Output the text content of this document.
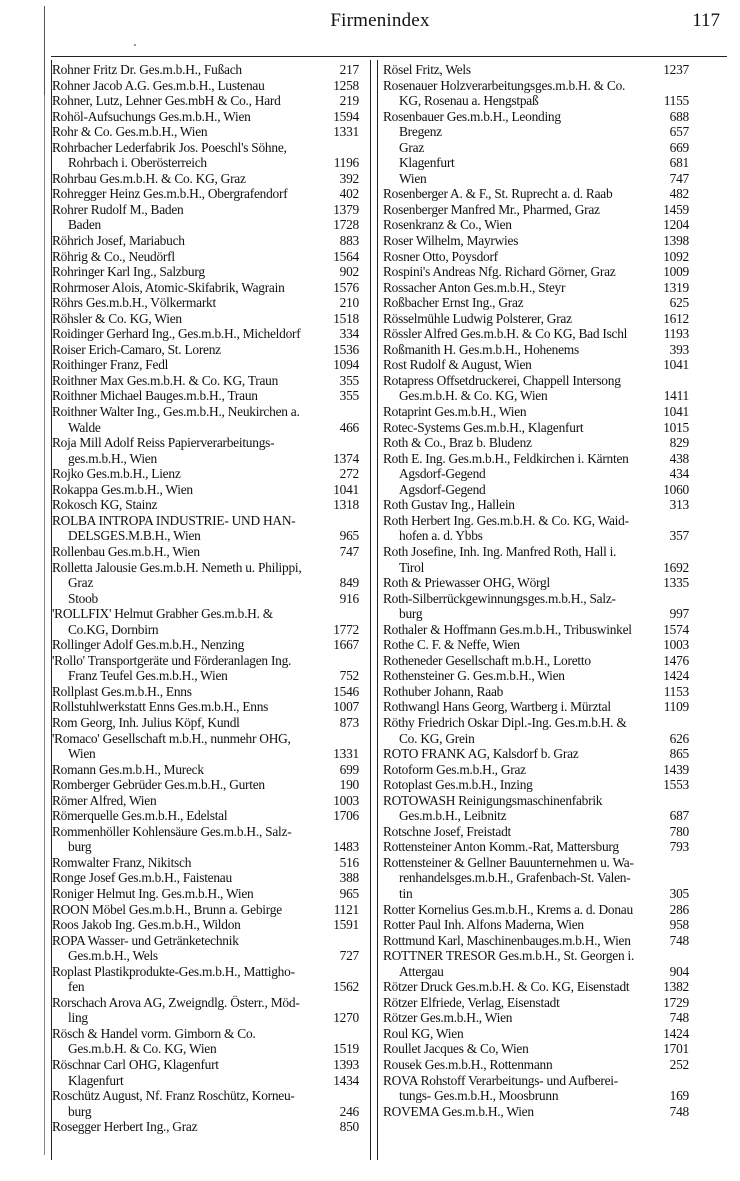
Firmenindex	117
Rohner Fritz Dr. Ges.m.b.H., Fußach	217
Rohner Jacob A.G. Ges.m.b.H., Lustenau	1258
Rohner, Lutz, Lehner Ges.mbH & Co., Hard	219
Rohöl-Aufsuchungs Ges.m.b.H., Wien	1594
Rohr & Co. Ges.m.b.H., Wien	1331
Rohrbacher Lederfabrik Jos. Poeschl's Söhne,
Rohrbach i. Oberösterreich	1196
Rohrbau Ges.m.b.H. & Co. KG, Graz	392
Rohregger Heinz Ges.m.b.H., Obergrafendorf	402
Rohrer Rudolf M., Baden	1379
Baden	1728
Röhrich Josef, Mariabuch	883
Röhrig & Co., Neudörfl	1564
Rohringer Karl Ing., Salzburg	902
Rohrmoser Alois, Atomic-Skifabrik, Wagrain	1576
Röhrs Ges.m.b.H., Völkermarkt	210
Röhsler & Co. KG, Wien	1518
Roidinger Gerhard Ing., Ges.m.b.H., Micheldorf	334
Roiser Erich-Camaro, St. Lorenz	1536
Roithinger Franz, Fedl	1094
Roithner Max Ges.m.b.H. & Co. KG, Traun	355
Roithner Michael Bauges.m.b.H., Traun	355
Roithner Walter Ing., Ges.m.b.H., Neukirchen a.
Walde	466
Roja Mill Adolf Reiss Papierverarbeitungs-
ges.m.b.H., Wien	1374
Rojko Ges.m.b.H., Lienz	272
Rokappa Ges.m.b.H., Wien	1041
Rokosch KG, Stainz	1318
ROLBA INTROPA INDUSTRIE- UND HAN-
DELSGES.M.B.H., Wien	965
Rollenbau Ges.m.b.H., Wien	747
Rolletta Jalousie Ges.m.b.H. Nemeth u. Philippi,
Graz	849
Stoob	916
'ROLLFIX' Helmut Grabher Ges.m.b.H. &
Co.KG, Dornbirn	1772
Rollinger Adolf Ges.m.b.H., Nenzing	1667
'Rollo' Transportgeräte und Förderanlagen Ing.
Franz Teufel Ges.m.b.H., Wien	752
Rollplast Ges.m.b.H., Enns	1546
Rollstuhlwerkstatt Enns Ges.m.b.H., Enns	1007
Rom Georg, Inh. Julius Köpf, Kundl	873
'Romaco' Gesellschaft m.b.H., nunmehr OHG,
Wien	1331
Romann Ges.m.b.H., Mureck	699
Romberger Gebrüder Ges.m.b.H., Gurten	190
Römer Alfred, Wien	1003
Römerquelle Ges.m.b.H., Edelstal	1706
Rommenhöller Kohlensäure Ges.m.b.H., Salz-
burg	1483
Romwalter Franz, Nikitsch	516
Ronge Josef Ges.m.b.H., Faistenau	388
Roniger Helmut Ing. Ges.m.b.H., Wien	965
ROON Möbel Ges.m.b.H., Brunn a. Gebirge	1121
Roos Jakob Ing. Ges.m.b.H., Wildon	1591
ROPA Wasser- und Getränketechnik
Ges.m.b.H., Wels	727
Roplast Plastikprodukte-Ges.m.b.H., Mattigho-
fen	1562
Rorschach Arova AG, Zweigndlg. Österr., Möd-
ling	1270
Rösch & Handel vorm. Gimborn & Co.
Ges.m.b.H. & Co. KG, Wien	1519
Röschnar Carl OHG, Klagenfurt	1393
Klagenfurt	1434
Roschütz August, Nf. Franz Roschütz, Korneu-
burg	246
Rosegger Herbert Ing., Graz	850
Rösel Fritz, Wels	1237
Rosenauer Holzverarbeitungsges.m.b.H. & Co.
KG, Rosenau a. Hengstpaß	1155
Rosenbauer Ges.m.b.H., Leonding	688
Bregenz	657
Graz	669
Klagenfurt	681
Wien	747
Rosenberger A. & F., St. Ruprecht a. d. Raab	482
Rosenberger Manfred Mr., Pharmed, Graz	1459
Rosenkranz & Co., Wien	1204
Roser Wilhelm, Mayrwies	1398
Rosner Otto, Poysdorf	1092
Rospini's Andreas Nfg. Richard Görner, Graz	1009
Rossacher Anton Ges.m.b.H., Steyr	1319
Roßbacher Ernst Ing., Graz	625
Rösselmühle Ludwig Polsterer, Graz	1612
Rössler Alfred Ges.m.b.H. & Co KG, Bad Ischl	1193
Roßmanith H. Ges.m.b.H., Hohenems	393
Rost Rudolf & August, Wien	1041
Rotapress Offsetdruckerei, Chappell Intersong
Ges.m.b.H. & Co. KG, Wien	1411
Rotaprint Ges.m.b.H., Wien	1041
Rotec-Systems Ges.m.b.H., Klagenfurt	1015
Roth & Co., Braz b. Bludenz	829
Roth E. Ing. Ges.m.b.H., Feldkirchen i. Kärnten	438
Agsdorf-Gegend	434
Agsdorf-Gegend	1060
Roth Gustav Ing., Hallein	313
Roth Herbert Ing. Ges.m.b.H. & Co. KG, Waid-
hofen a. d. Ybbs	357
Roth Josefine, Inh. Ing. Manfred Roth, Hall i.
Tirol	1692
Roth & Priewasser OHG, Wörgl	1335
Roth-Silberrückgewinnungsges.m.b.H., Salz-
burg	997
Rothaler & Hoffmann Ges.m.b.H., Tribuswinkel	1574
Rothe C. F. & Neffe, Wien	1003
Rotheneder Gesellschaft m.b.H., Loretto	1476
Rothensteiner G. Ges.m.b.H., Wien	1424
Rothuber Johann, Raab	1153
Rothwangl Hans Georg, Wartberg i. Mürztal	1109
Röthy Friedrich Oskar Dipl.-Ing. Ges.m.b.H. &
Co. KG, Grein	626
ROTO FRANK AG, Kalsdorf b. Graz	865
Rotoform Ges.m.b.H., Graz	1439
Rotoplast Ges.m.b.H., Inzing	1553
ROTOWASH Reinigungsmaschinenfabrik
Ges.m.b.H., Leibnitz	687
Rotschne Josef, Freistadt	780
Rottensteiner Anton Komm.-Rat, Mattersburg	793
Rottensteiner & Gellner Bauunternehmen u. Wa-
renhandelsges.m.b.H., Grafenbach-St. Valen-
tin	305
Rotter Kornelius Ges.m.b.H., Krems a. d. Donau	286
Rotter Paul Inh. Alfons Maderna, Wien	958
Rottmund Karl, Maschinenbauges.m.b.H., Wien	748
ROTTNER TRESOR Ges.m.b.H., St. Georgen i.
Attergau	904
Rötzer Druck Ges.m.b.H. & Co. KG, Eisenstadt	1382
Rötzer Elfriede, Verlag, Eisenstadt	1729
Rötzer Ges.m.b.H., Wien	748
Roul KG, Wien	1424
Roullet Jacques & Co, Wien	1701
Rousek Ges.m.b.H., Rottenmann	252
ROVA Rohstoff Verarbeitungs- und Aufberei-
tungs- Ges.m.b.H., Moosbrunn	169
ROVEMA Ges.m.b.H., Wien	748
